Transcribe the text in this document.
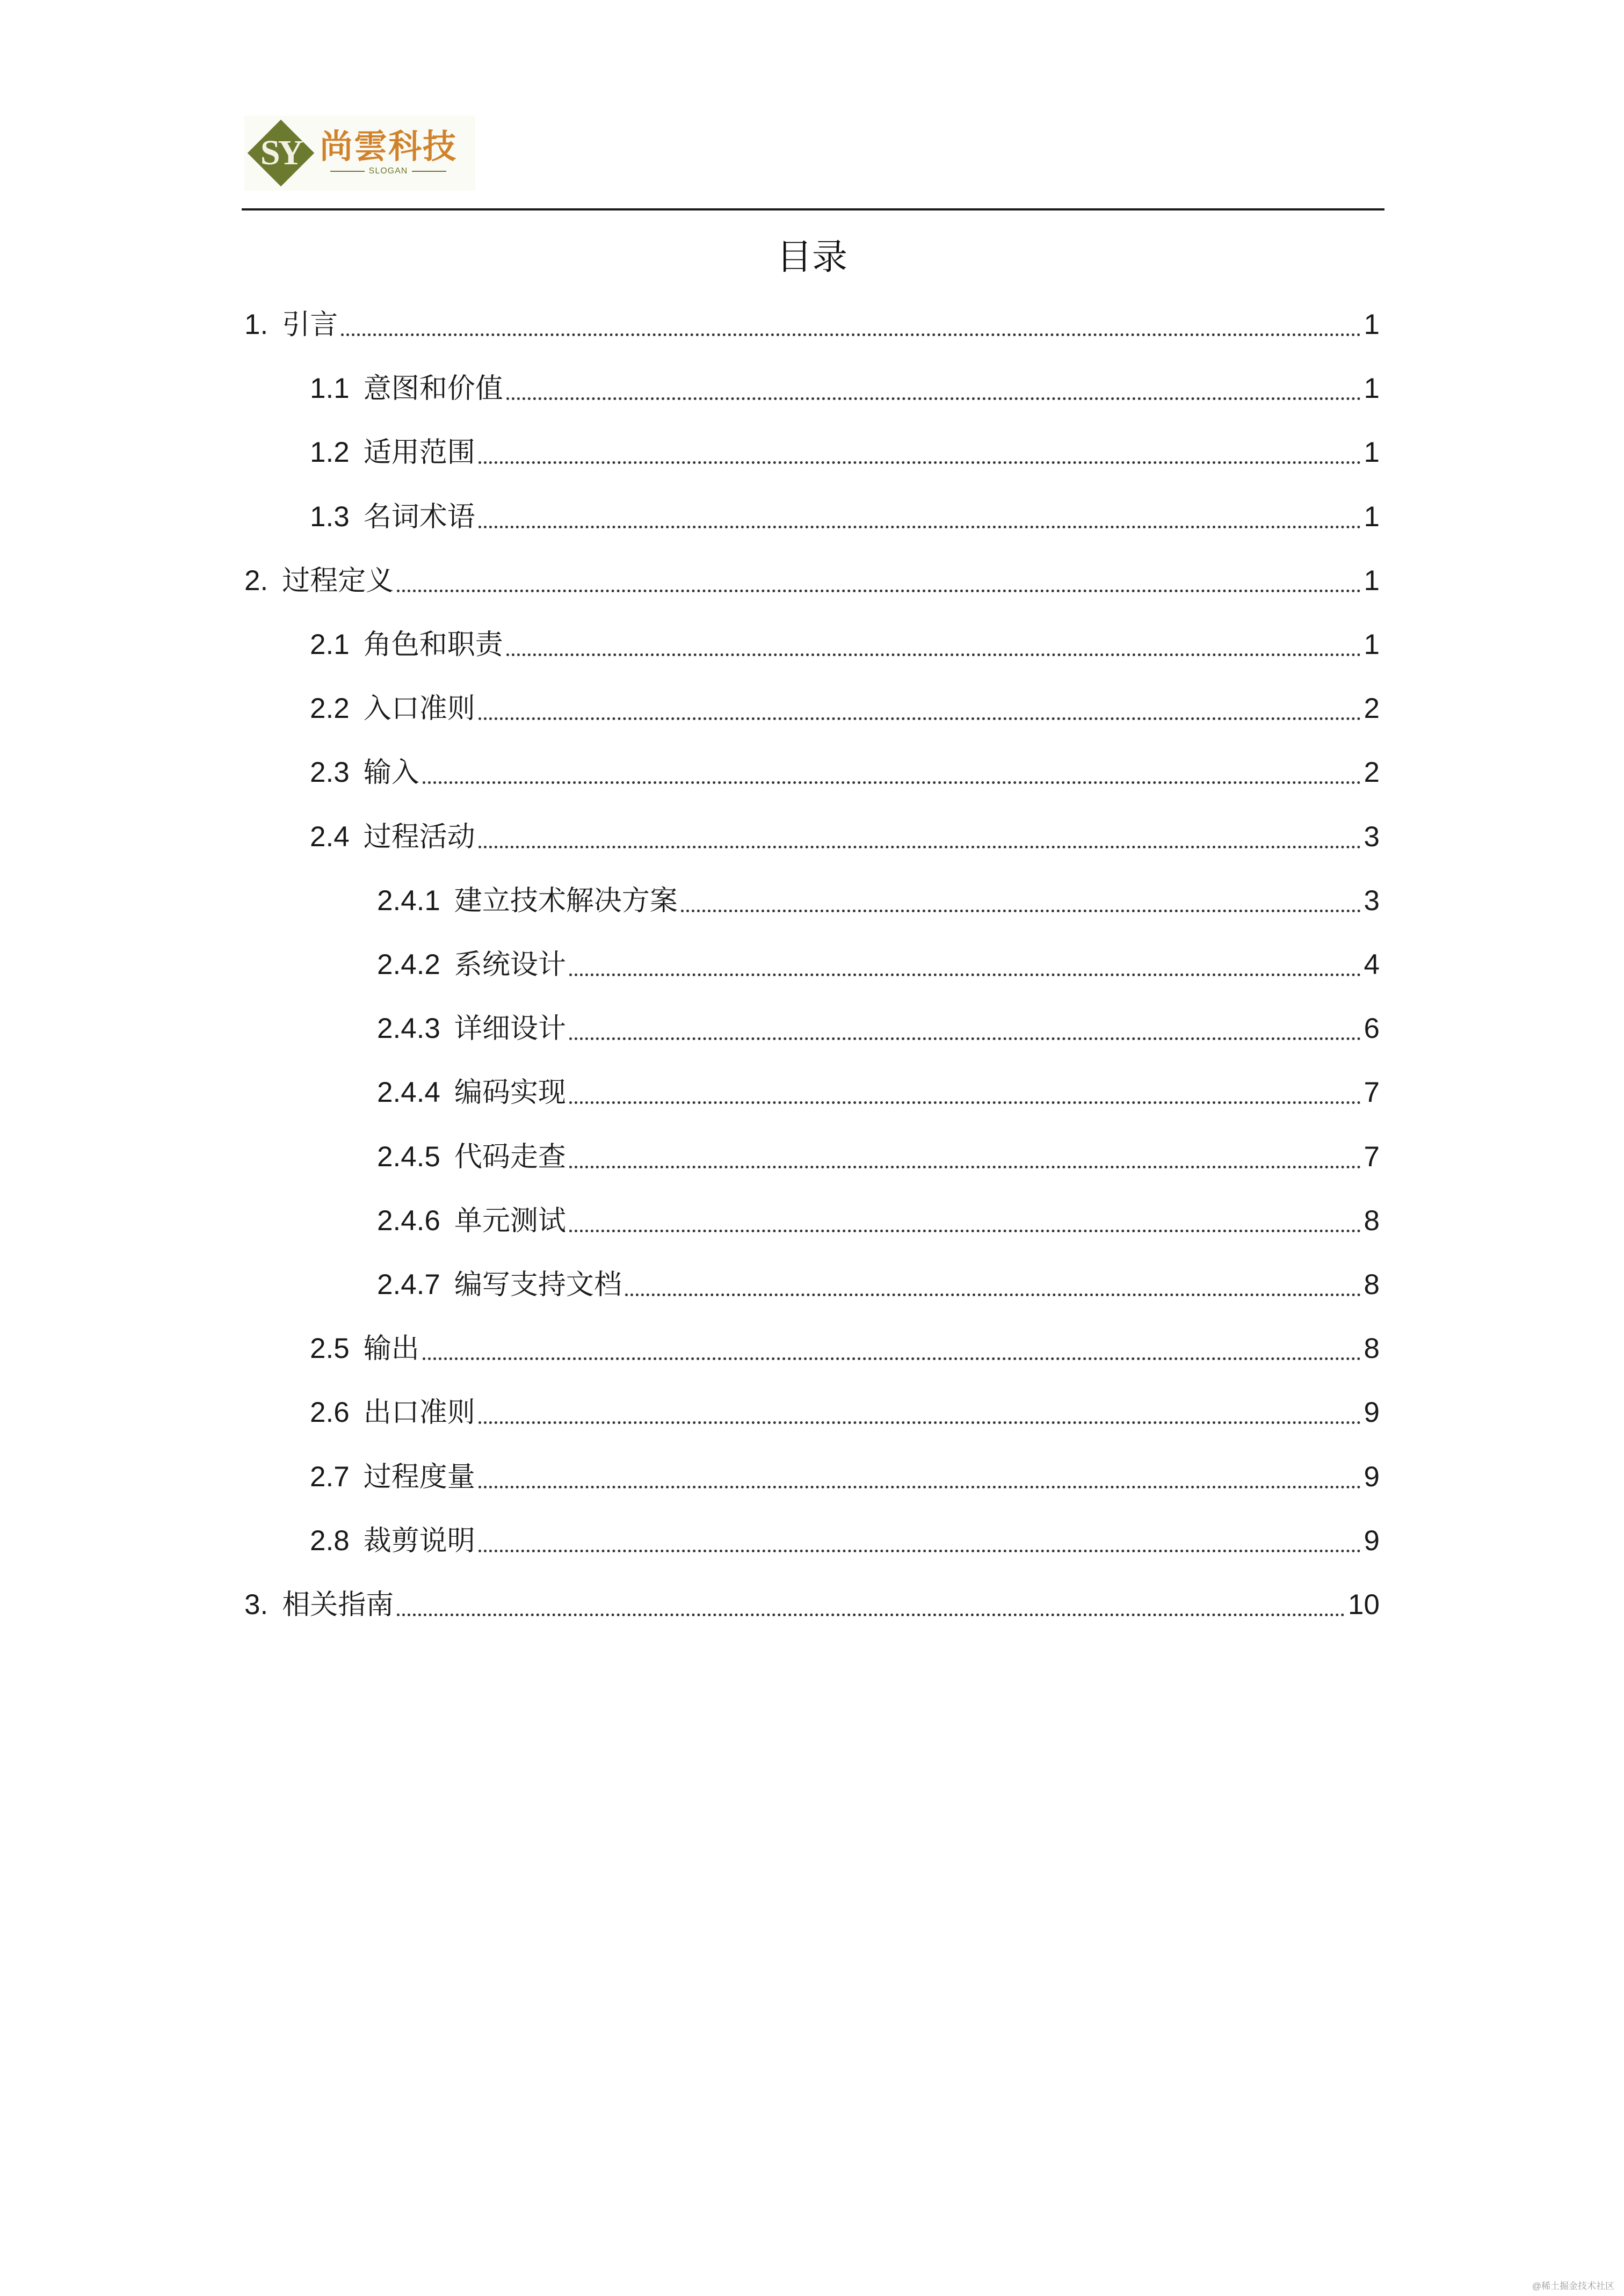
SY 尚雲科技
SLOGAN
目录
1. 引言	1
1.1 意图和价值	1
1.2 适用范围	1
1.3 名词术语	1
2. 过程定义	1
2.1 角色和职责	1
2.2 入口准则	2
2.3 输入	2
2.4 过程活动	3
2.4.1 建立技术解决方案	3
2.4.2 系统设计	4
2.4.3 详细设计	6
2.4.4 编码实现	7
2.4.5 代码走查	7
2.4.6 单元测试	8
2.4.7 编写支持文档	8
2.5 输出	8
2.6 出口准则	9
2.7 过程度量	9
2.8 裁剪说明	9
3. 相关指南	10
@稀土掘金技术社区
